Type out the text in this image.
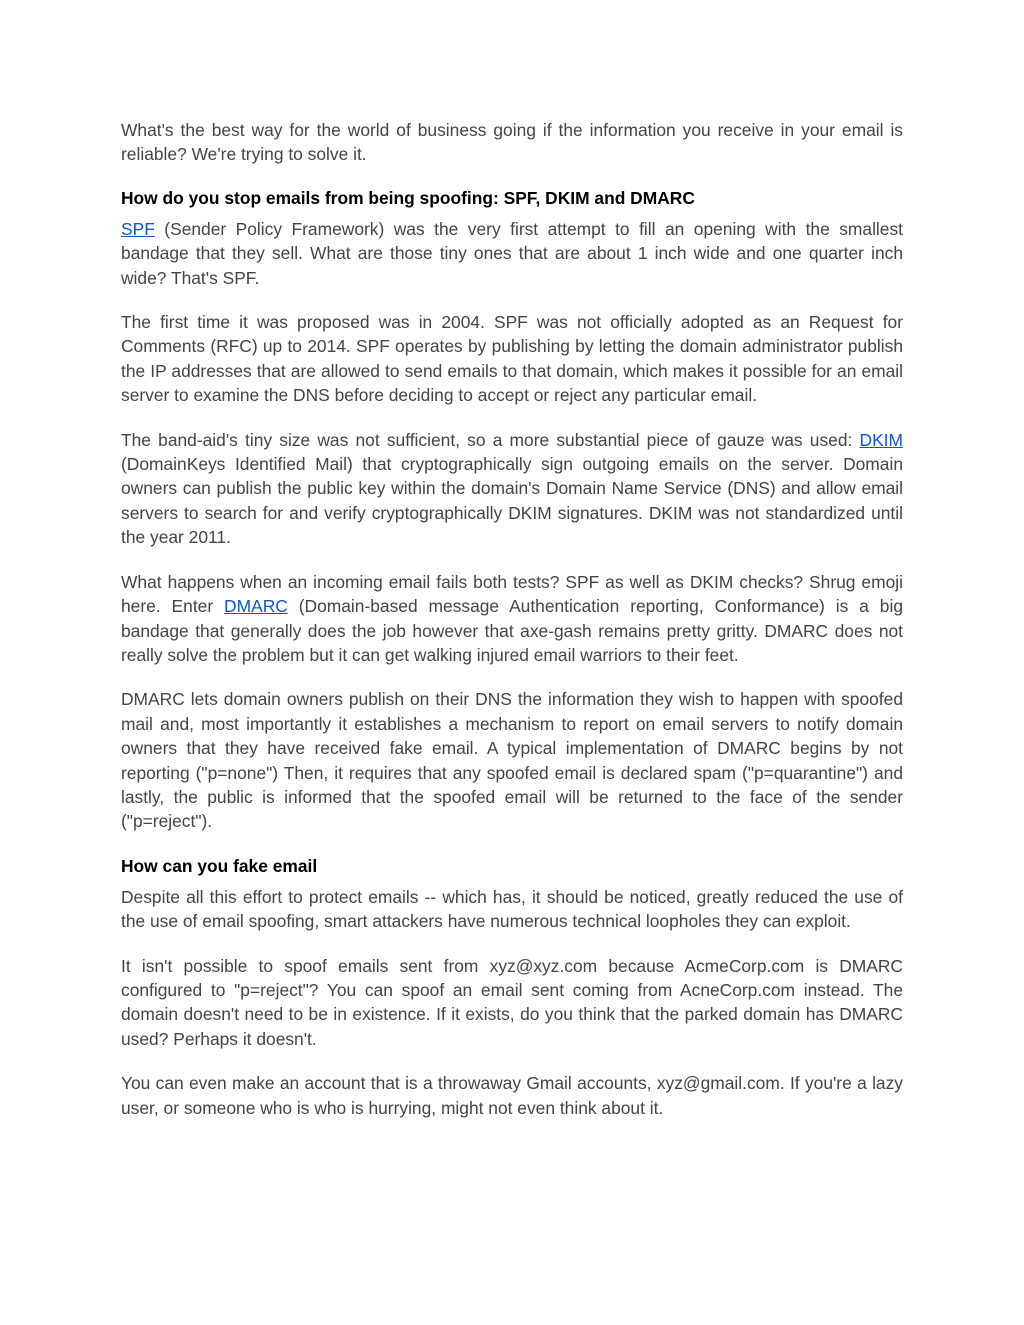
What's the best way for the world of business going if the information you receive in your email is reliable? We're trying to solve it.

How do you stop emails from being spoofing: SPF, DKIM and DMARC

SPF (Sender Policy Framework) was the very first attempt to fill an opening with the smallest bandage that they sell. What are those tiny ones that are about 1 inch wide and one quarter inch wide? That's SPF.

The first time it was proposed was in 2004. SPF was not officially adopted as an Request for Comments (RFC) up to 2014. SPF operates by publishing by letting the domain administrator publish the IP addresses that are allowed to send emails to that domain, which makes it possible for an email server to examine the DNS before deciding to accept or reject any particular email.

The band-aid's tiny size was not sufficient, so a more substantial piece of gauze was used: DKIM (DomainKeys Identified Mail) that cryptographically sign outgoing emails on the server. Domain owners can publish the public key within the domain's Domain Name Service (DNS) and allow email servers to search for and verify cryptographically DKIM signatures. DKIM was not standardized until the year 2011.

What happens when an incoming email fails both tests? SPF as well as DKIM checks? Shrug emoji here. Enter DMARC (Domain-based message Authentication reporting, Conformance) is a big bandage that generally does the job however that axe-gash remains pretty gritty. DMARC does not really solve the problem but it can get walking injured email warriors to their feet.

DMARC lets domain owners publish on their DNS the information they wish to happen with spoofed mail and, most importantly it establishes a mechanism to report on email servers to notify domain owners that they have received fake email. A typical implementation of DMARC begins by not reporting ("p=none") Then, it requires that any spoofed email is declared spam ("p=quarantine") and lastly, the public is informed that the spoofed email will be returned to the face of the sender ("p=reject").

How can you fake email

Despite all this effort to protect emails -- which has, it should be noticed, greatly reduced the use of the use of email spoofing, smart attackers have numerous technical loopholes they can exploit.

It isn't possible to spoof emails sent from xyz@xyz.com because AcmeCorp.com is DMARC configured to "p=reject"? You can spoof an email sent coming from AcneCorp.com instead. The domain doesn't need to be in existence. If it exists, do you think that the parked domain has DMARC used? Perhaps it doesn't.

You can even make an account that is a throwaway Gmail accounts, xyz@gmail.com. If you're a lazy user, or someone who is who is hurrying, might not even think about it.
